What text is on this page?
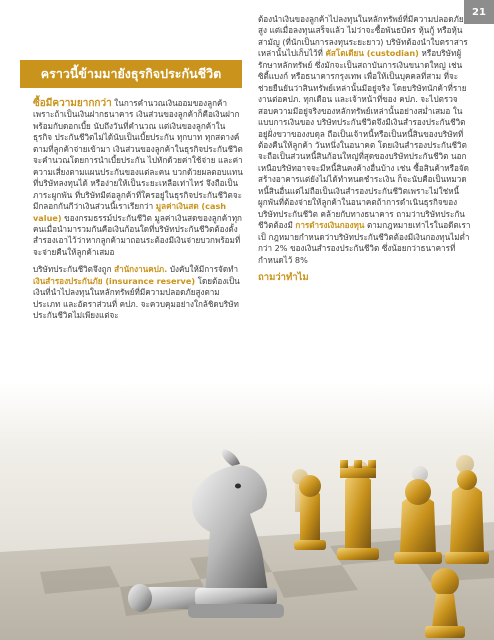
21
คราวนี้ข้ามมายังธุรกิจประกันชีวิต

ซื้อมีความยากกว่า ในการคำนวณเงินออมของลูกค้าเพราะถ้าเป็นเงินฝากธนาคาร เงินส่วนของลูกค้าก็คือเงินฝากพร้อมกับดอกเบี้ย นับถึงวันที่คำนวณ แต่เงินของลูกค้าในธุรกิจ ประกันชีวิตไม่ได้นับเป็นเบี้ยประกัน ทุกบาท ทุกสตางค์ ตามที่ลูกค้าจ่ายเข้ามา เงินส่วนของลูกค้าในธุรกิจประกันชีวิต จะคำนวณโดยการนำเบี้ยประกัน ไปหักด้วยค่าใช้จ่าย และค่าความเสี่ยงตามแผนประกันของแต่ละคน บวกด้วยผลตอบแทนที่บริษัทลงทุนได้ หรือง่ายให้เป็นระยะเหลือเท่าไหร่ จึงถือเป็นภาระผูกพัน ที่บริษัทมีต่อลูกค้าที่ใครอยู่ในธุรกิจประกันชีวิตจะมีกลอกกันกีว่าเงินส่วนนี้เราเรียกว่า มูลค่าเงินสด (cash value) ของกรมธรรม์ประกันชีวิต มูลค่าเงินสดของลูกค้าทุกคนเมื่อนำมารวมกันคือเงินก้อนใดที่บริษัทประกันชีวิตต้องตั้งสำรองเอาไว้ว่าหากลูกค้ามาถอนระต้องมีเงินจ่ายบวกพร้อมที่จะจ่ายคืนให้ลูกค้าเสมอ

บริษัทประกันชีวิตจึงถูก สำนักงานคปภ. บังคับให้มีการจัดทำ เงินสำรองประกันภัย (insurance reserve) โดยต้องเป็นเงินที่นำไปลงทุนในหลักทรัพย์ที่มีความปลอดภัยสูงตามประเภท และอัตราส่วนที่ คปภ. จะควบคุมอย่างใกล้ชิดบริษัทประกันชีวิตไม่เพียงแต่จะ

ต้องนำเงินของลูกค้าไปลงทุนในหลักทรัพย์ที่มีความปลอดภัยสูง แต่เมื่อลงทุนเสร็จแล้ว ไม่ว่าจะซื้อพันธบัตร หุ้นกู้ หรือหุ้นสามัญ (ที่นักเป็นการลงทุนระยะยาว) บริษัทต้องนำใบตราสารเหล่านั้นไปเก็บไว้ที่ คัสโตเดียน (custodian) หรือบริษัทผู้รักษาหลักทรัพย์ ซึ่งมักจะเป็นสถาบันการเงินขนาดใหญ่ เช่นซิตี้แบงก์ หรือธนาคารกรุงเทพ เพื่อให้เป็นบุคคลที่สาม ที่จะช่วยยืนยันว่าสินทรัพย์เหล่านั้นมีอยู่จริง โดยบริษัทนักค้าที่รายงานต่อคปภ. ทุกเดือน และเจ้าหน้าที่ของ คปภ. จะไปตรวจสอบความมีอยู่จริงของหลักทรัพย์เหล่านั้นอย่างสม่ำเสมอ ในแบบการเงินของ บริษัทประกันชีวิตจึงมีเงินสำรองประกันชีวิตอยู่ฝั่งขวาของงบดุล ถือเป็นเจ้าหนี้หรือเป็นหนี้สินของบริษัทที่ต้องคืนให้ลูกค้า วันหนึ่งในอนาคต โดยเงินสำรองประกันชีวิต จะถือเป็นส่วนหนี้สินก้อนใหญ่ที่สุดของบริษัทประกันชีวิต นอกเหนือบริษัทอาจจะมีหนี้สินคงค้างอื่นบ้าง เช่น ซื้อสินค้าหรือจัดสร้างอาคารแต่ยังไม่ได้ทำหนดชำระเงิน ก็จะนับคือเป็นหมวดหนี้สินอื่นแต่ไม่ถือเป็นเงินสำรองประกันชีวิตเพราะไม่ใช่หนี้ผูกพันที่ต้องจ่ายให้ลูกค้าในอนาคตถ้าการดำเนินธุรกิจของบริษัทประกันชีวิต คล้ายกับทางธนาคาร ถามว่าบริษัทประกันชีวิตต้องมี การดำรงเงินกองทุน ตามกฎหมายเท่าไรในอดีตเราเป็ กฎหมายกำหนดว่าบริษัทประกันชีวิตต้องมีเงินกองทุนไม่ต่ำกว่า 2% ของเงินสำรองประกันชีวิต ซึ่งน้อยกว่าธนาคารที่กำหนดไว้ 8%

ถามว่าทำไม
